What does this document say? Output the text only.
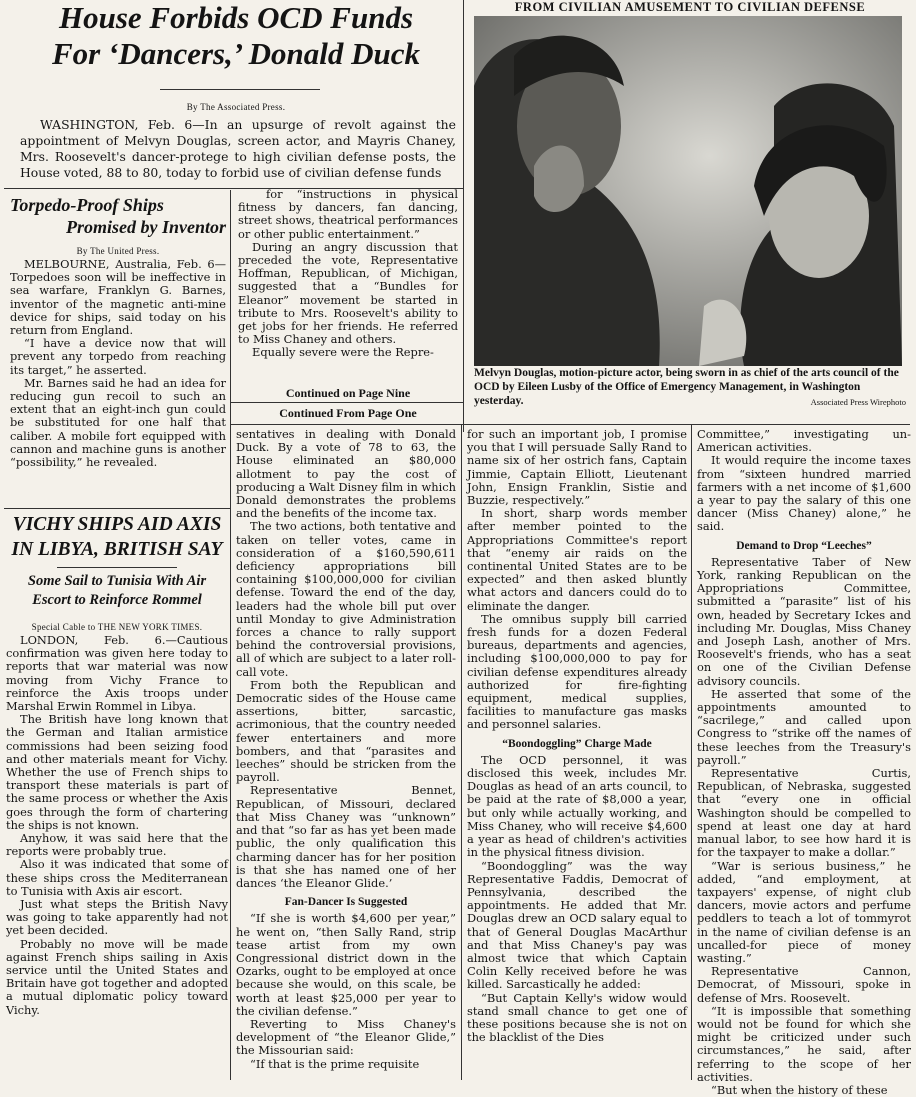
House Forbids OCD Funds
For ‘Dancers,’ Donald Duck
By The Associated Press.

WASHINGTON, Feb. 6—In an upsurge of revolt against the appointment of Melvyn Douglas, screen actor, and Mayris Chaney, Mrs. Roosevelt's dancer-protege to high civilian defense posts, the House voted, 88 to 80, today to forbid use of civilian defense funds

FROM CIVILIAN AMUSEMENT TO CIVILIAN DEFENSE

Melvyn Douglas, motion-picture actor, being sworn in as chief of the arts council of the OCD by Eileen Lusby of the Office of Emergency Management, in Washington yesterday.	Associated Press Wirephoto

Torpedo-Proof Ships
Promised by Inventor
By The United Press.

MELBOURNE, Australia, Feb. 6—Torpedoes soon will be ineffective in sea warfare, Franklyn G. Barnes, inventor of the magnetic anti-mine device for ships, said today on his return from England.

“I have a device now that will prevent any torpedo from reaching its target,” he asserted.

Mr. Barnes said he had an idea for reducing gun recoil to such an extent that an eight-inch gun could be substituted for one half that caliber. A mobile fort equipped with cannon and machine guns is another “possibility,” he revealed.

for “instructions in physical fitness by dancers, fan dancing, street shows, theatrical performances or other public entertainment.”

During an angry discussion that preceded the vote, Representative Hoffman, Republican, of Michigan, suggested that a “Bundles for Eleanor” movement be started in tribute to Mrs. Roosevelt's ability to get jobs for her friends. He referred to Miss Chaney and others.

Equally severe were the Repre-

Continued on Page Nine
Continued From Page One
VICHY SHIPS AID AXIS
IN LIBYA, BRITISH SAY
Some Sail to Tunisia With Air
Escort to Reinforce Rommel
Special Cable to THE NEW YORK TIMES.

LONDON, Feb. 6.—Cautious confirmation was given here today to reports that war material was now moving from Vichy France to reinforce the Axis troops under Marshal Erwin Rommel in Libya.

The British have long known that the German and Italian armistice commissions had been seizing food and other materials meant for Vichy. Whether the use of French ships to transport these materials is part of the same process or whether the Axis goes through the form of chartering the ships is not known.

Anyhow, it was said here that the reports were probably true.

Also it was indicated that some of these ships cross the Mediterranean to Tunisia with Axis air escort.

Just what steps the British Navy was going to take apparently had not yet been decided.

Probably no move will be made against French ships sailing in Axis service until the United States and Britain have got together and adopted a mutual diplomatic policy toward Vichy.

sentatives in dealing with Donald Duck. By a vote of 78 to 63, the House eliminated an $80,000 allotment to pay the cost of producing a Walt Disney film in which Donald demonstrates the problems and the benefits of the income tax.

The two actions, both tentative and taken on teller votes, came in consideration of a $160,590,611 deficiency appropriations bill containing $100,000,000 for civilian defense. Toward the end of the day, leaders had the whole bill put over until Monday to give Administration forces a chance to rally support behind the controversial provisions, all of which are subject to a later roll-call vote.

From both the Republican and Democratic sides of the House came assertions, bitter, sarcastic, acrimonious, that the country needed fewer entertainers and more bombers, and that “parasites and leeches” should be stricken from the payroll.

Representative Bennet, Republican, of Missouri, declared that Miss Chaney was “unknown” and that “so far as has yet been made public, the only qualification this charming dancer has for her position is that she has named one of her dances ‘the Eleanor Glide.’

Fan-Dancer Is Suggested

“If she is worth $4,600 per year,” he went on, “then Sally Rand, strip tease artist from my own Congressional district down in the Ozarks, ought to be employed at once because she would, on this scale, be worth at least $25,000 per year to the civilian defense.”

Reverting to Miss Chaney's development of “the Eleanor Glide,” the Missourian said:

“If that is the prime requisite

for such an important job, I promise you that I will persuade Sally Rand to name six of her ostrich fans, Captain Jimmie, Captain Elliott, Lieutenant John, Ensign Franklin, Sistie and Buzzie, respectively.”

In short, sharp words member after member pointed to the Appropriations Committee's report that “enemy air raids on the continental United States are to be expected” and then asked bluntly what actors and dancers could do to eliminate the danger.

The omnibus supply bill carried fresh funds for a dozen Federal bureaus, departments and agencies, including $100,000,000 to pay for civilian defense expenditures already authorized for fire-fighting equipment, medical supplies, facilities to manufacture gas masks and personnel salaries.

“Boondoggling” Charge Made

The OCD personnel, it was disclosed this week, includes Mr. Douglas as head of an arts council, to be paid at the rate of $8,000 a year, but only while actually working, and Miss Chaney, who will receive $4,600 a year as head of children's activities in the physical fitness division.

“Boondoggling” was the way Representative Faddis, Democrat of Pennsylvania, described the appointments. He added that Mr. Douglas drew an OCD salary equal to that of General Douglas MacArthur and that Miss Chaney's pay was almost twice that which Captain Colin Kelly received before he was killed. Sarcastically he added:

“But Captain Kelly's widow would stand small chance to get one of these positions because she is not on the blacklist of the Dies

Committee,” investigating un-American activities.

It would require the income taxes from “sixteen hundred married farmers with a net income of $1,600 a year to pay the salary of this one dancer (Miss Chaney) alone,” he said.

Demand to Drop “Leeches”

Representative Taber of New York, ranking Republican on the Appropriations Committee, submitted a “parasite” list of his own, headed by Secretary Ickes and including Mr. Douglas, Miss Chaney and Joseph Lash, another of Mrs. Roosevelt's friends, who has a seat on one of the Civilian Defense advisory councils.

He asserted that some of the appointments amounted to “sacrilege,” and called upon Congress to “strike off the names of these leeches from the Treasury's payroll.”

Representative Curtis, Republican, of Nebraska, suggested that “every one in official Washington should be compelled to spend at least one day at hard manual labor, to see how hard it is for the taxpayer to make a dollar.”

“War is serious business,” he added, “and employment, at taxpayers' expense, of night club dancers, movie actors and perfume peddlers to teach a lot of tommyrot in the name of civilian defense is an uncalled-for piece of money wasting.”

Representative Cannon, Democrat, of Missouri, spoke in defense of Mrs. Roosevelt.

“It is impossible that something would not be found for which she might be criticized under such circumstances,” he said, after referring to the scope of her activities.

“But when the history of these
